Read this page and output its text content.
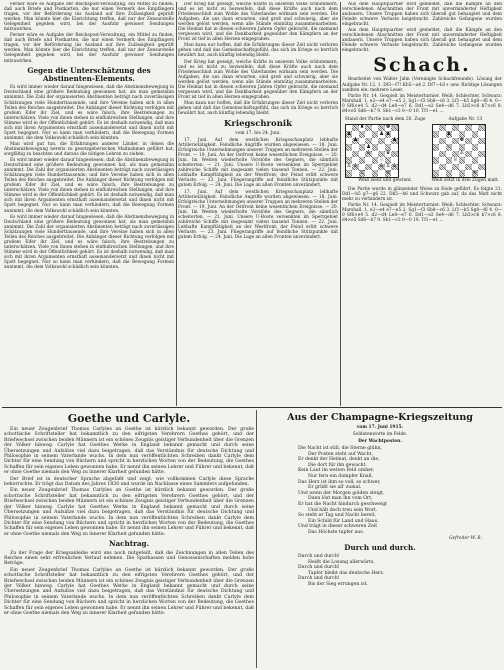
Ferner wäre es Aufgabe der Reichspost-Verwaltung, ein Mittel zu finden, daß auch Briefe und Postkarten, die nur einen Vermerk des Empfängers tragen, vor der Beförderung ins Ausland auf ihre Zulässigkeit geprüft werden. Man könnte hier die Einrichtung treffen, daß nur der Zensurstelle Gelegenheit gegeben wird, bei der Ausfuhr gewisser Sendungen mitzuwirken.

Ferner wäre es Aufgabe der Reichspost-Verwaltung, ein Mittel zu finden, daß auch Briefe und Postkarten, die nur einen Vermerk des Empfängers tragen, vor der Beförderung ins Ausland auf ihre Zulässigkeit geprüft werden. Man könnte hier die Einrichtung treffen, daß nur der Zensurstelle Gelegenheit gegeben wird, bei der Ausfuhr gewisser Sendungen mitzuwirken.

Gegen die Unterschätzung des Abstinenten-Elements.

Es wird immer wieder darauf hingewiesen, daß die Abstinenzbewegung in Deutschland eine größere Bedeutung gewonnen hat, als man gemeinhin annimmt. Die Zahl der organisierten Abstinenten beträgt nach zuverlässigen Schätzungen viele Hunderttausende, und ihre Vereine haben sich in allen Teilen des Reiches ausgebreitet. Die Anhänger dieser Richtung verfolgen mit großem Eifer ihr Ziel, und es wäre falsch, ihre Bestrebungen zu unterschätzen. Viele von ihnen stehen in einflußreichen Stellungen, und ihre Stimme wird in der Öffentlichkeit gehört. Es ist deshalb notwendig, daß man sich mit ihren Argumenten ernsthaft auseinandersetzt und ihnen nicht mit Spott begegnet. Nur so kann man verhindern, daß die Bewegung Formen annimmt, die dem Volkswohl schädlich sein könnten.

Man wird gut tun, die Erfahrungen anderer Länder, in denen die Abstinenzbewegung bereits zu gesetzgeberischen Maßnahmen geführt hat, sorgfältig zu beachten und daraus die nötigen Lehren zu ziehen.

Es wird immer wieder darauf hingewiesen, daß die Abstinenzbewegung in Deutschland eine größere Bedeutung gewonnen hat, als man gemeinhin annimmt. Die Zahl der organisierten Abstinenten beträgt nach zuverlässigen Schätzungen viele Hunderttausende, und ihre Vereine haben sich in allen Teilen des Reiches ausgebreitet. Die Anhänger dieser Richtung verfolgen mit großem Eifer ihr Ziel, und es wäre falsch, ihre Bestrebungen zu unterschätzen. Viele von ihnen stehen in einflußreichen Stellungen, und ihre Stimme wird in der Öffentlichkeit gehört. Es ist deshalb notwendig, daß man sich mit ihren Argumenten ernsthaft auseinandersetzt und ihnen nicht mit Spott begegnet. Nur so kann man verhindern, daß die Bewegung Formen annimmt, die dem Volkswohl schädlich sein könnten.

Es wird immer wieder darauf hingewiesen, daß die Abstinenzbewegung in Deutschland eine größere Bedeutung gewonnen hat, als man gemeinhin annimmt. Die Zahl der organisierten Abstinenten beträgt nach zuverlässigen Schätzungen viele Hunderttausende, und ihre Vereine haben sich in allen Teilen des Reiches ausgebreitet. Die Anhänger dieser Richtung verfolgen mit großem Eifer ihr Ziel, und es wäre falsch, ihre Bestrebungen zu unterschätzen. Viele von ihnen stehen in einflußreichen Stellungen, und ihre Stimme wird in der Öffentlichkeit gehört. Es ist deshalb notwendig, daß man sich mit ihren Argumenten ernsthaft auseinandersetzt und ihnen nicht mit Spott begegnet. Nur so kann man verhindern, daß die Bewegung Formen annimmt, die dem Volkswohl schädlich sein könnten.

Der Krieg hat gezeigt, welche Kräfte in unserem Volke schlummern, und es ist nicht zu bezweifeln, daß diese Kräfte auch nach dem Friedensschluß zum Wohle des Vaterlandes wirksam sein werden. Die Aufgaben, die uns dann erwarten, sind groß und schwierig, aber sie werden gelöst werden, wenn alle Stände einmütig zusammenarbeiten. Die Heimat hat in diesen schweren Jahren Opfer gebracht, die niemand vergessen wird, und die Dankbarkeit gegenüber den Kämpfern an der Front ist tief in allen Herzen eingegraben.

Man kann nur hoffen, daß die Erfahrungen dieser Zeit nicht verloren gehen und daß das Gemeinschaftsgefühl, das sich im Kriege so herrlich bewährt hat, auch künftig lebendig bleibt.

Der Krieg hat gezeigt, welche Kräfte in unserem Volke schlummern, und es ist nicht zu bezweifeln, daß diese Kräfte auch nach dem Friedensschluß zum Wohle des Vaterlandes wirksam sein werden. Die Aufgaben, die uns dann erwarten, sind groß und schwierig, aber sie werden gelöst werden, wenn alle Stände einmütig zusammenarbeiten. Die Heimat hat in diesen schweren Jahren Opfer gebracht, die niemand vergessen wird, und die Dankbarkeit gegenüber den Kämpfern an der Front ist tief in allen Herzen eingegraben.

Man kann nur hoffen, daß die Erfahrungen dieser Zeit nicht verloren gehen und daß das Gemeinschaftsgefühl, das sich im Kriege so herrlich bewährt hat, auch künftig lebendig bleibt.

Kriegschronik
vom 17. bis 24. Juni.

17. Juni. Auf dem westlichen Kriegsschauplatz lebhafte Artillerietätigkeit. Feindliche Angriffe wurden abgewiesen. — 18. Juni. Erfolgreiche Unternehmungen unserer Truppen an mehreren Stellen der Front. — 19. Juni. An der Ostfront keine wesentlichen Ereignisse. — 20. Juni. Im Westen wiederholte Vorstöße des Gegners, die sämtlich scheiterten. — 21. Juni. Unsere U-Boote versenkten im Sperrgebiet zahlreiche Schiffe mit insgesamt vielen tausend Tonnen. — 22. Juni. Lebhafte Kampftätigkeit an der Westfront; der Feind erlitt schwere Verluste. — 23. Juni. Fliegerangriffe auf feindliche Stützpunkte mit gutem Erfolg. — 24. Juni. Die Lage an allen Fronten unverändert.

17. Juni. Auf dem westlichen Kriegsschauplatz lebhafte Artillerietätigkeit. Feindliche Angriffe wurden abgewiesen. — 18. Juni. Erfolgreiche Unternehmungen unserer Truppen an mehreren Stellen der Front. — 19. Juni. An der Ostfront keine wesentlichen Ereignisse. — 20. Juni. Im Westen wiederholte Vorstöße des Gegners, die sämtlich scheiterten. — 21. Juni. Unsere U-Boote versenkten im Sperrgebiet zahlreiche Schiffe mit insgesamt vielen tausend Tonnen. — 22. Juni. Lebhafte Kampftätigkeit an der Westfront; der Feind erlitt schwere Verluste. — 23. Juni. Fliegerangriffe auf feindliche Stützpunkte mit gutem Erfolg. — 24. Juni. Die Lage an allen Fronten unverändert.

Aus dem Hauptquartier wird gemeldet, daß die Kämpfe an den verschiedenen Abschnitten der Front mit unverminderter Heftigkeit andauern. Unsere Truppen haben sich überall gut behauptet und dem Feinde schwere Verluste beigebracht. Zahlreiche Gefangene wurden eingebracht.

Aus dem Hauptquartier wird gemeldet, daß die Kämpfe an den verschiedenen Abschnitten der Front mit unverminderter Heftigkeit andauern. Unsere Truppen haben sich überall gut behauptet und dem Feinde schwere Verluste beigebracht. Zahlreiche Gefangene wurden eingebracht.

Schach.

Bearbeitet von Walter Jahn (Vereinigte Schachfreunde). Lösung der Aufgabe Nr. 12. 1. Df3—f7! Kb5—a4 2. Df7—b3+ usw. Richtige Lösungen sandten ein: mehrere Leser.

Partie Nr. 14. Gespielt im Meisterturnier. Weiß: Schlechter. Schwarz: Marshall. 1. e2—e4 e7—e5 2. Sg1—f3 Sb8—c6 3. Lf1—b5 Sg8—f6 4. 0—0 Sf6×e4 5. d2—d4 Le8—e7 6. Dd1—e2 Se4—d6 7. Lb5×c6 b7×c6 8. d4×e5 Sd6—b7 9. Sb1—c3 0—0 10. Tf1—e1 ...

Stand der Partie nach dem 20. Zuge
♜	♚
♟	♟ ♟
♟	♟
♟
♙	♛
♘
♙ ♙	♙ ♙ ♙
♖	♔
Weiß zieht und gewinnt.
Aufgabe Nr. 13
♟
♚
♘
♙
♕
♔
Weiß setzt in drei Zügen matt.

Die Partie wurde in glänzender Weise zu Ende geführt. Es folgte 21. Dd1—h5 g7—g6 22. Dh5—h6 und Schwarz gab auf, da das Matt nicht mehr zu verhindern ist.

Partie Nr. 14. Gespielt im Meisterturnier. Weiß: Schlechter. Schwarz: Marshall. 1. e2—e4 e7—e5 2. Sg1—f3 Sb8—c6 3. Lf1—b5 Sg8—f6 4. 0—0 Sf6×e4 5. d2—d4 Le8—e7 6. Dd1—e2 Se4—d6 7. Lb5×c6 b7×c6 8. d4×e5 Sd6—b7 9. Sb1—c3 0—0 10. Tf1—e1 ...

Goethe und Carlyle.

Ein neuer Zeugenbrief Thomas Carlyles an Goethe ist kürzlich bekannt geworden. Der große schottische Schriftsteller hat bekanntlich zu den eifrigsten Verehrern Goethes gehört, und der Briefwechsel zwischen beiden Männern ist ein schönes Zeugnis geistiger Verbundenheit über die Grenzen der Völker hinweg. Carlyle hat Goethes Werke in England bekannt gemacht und durch seine Übersetzungen und Aufsätze viel dazu beigetragen, daß das Verständnis für deutsche Dichtung und Philosophie in seinem Vaterlande wuchs. In dem nun veröffentlichten Schreiben dankt Carlyle dem Dichter für eine Sendung von Büchern und spricht in herzlichen Worten von der Bedeutung, die Goethes Schaffen für sein eigenes Leben gewonnen habe. Er nennt ihn seinen Lehrer und Führer und bekennt, daß er ohne Goethe niemals den Weg zu innerer Klarheit gefunden hätte.

Der Brief ist in deutscher Sprache abgefaßt und zeigt, wie vollkommen Carlyle diese Sprache beherrschte. Er trägt das Datum des Jahres 1830 und wurde im Nachlasse eines Sammlers aufgefunden.

Ein neuer Zeugenbrief Thomas Carlyles an Goethe ist kürzlich bekannt geworden. Der große schottische Schriftsteller hat bekanntlich zu den eifrigsten Verehrern Goethes gehört, und der Briefwechsel zwischen beiden Männern ist ein schönes Zeugnis geistiger Verbundenheit über die Grenzen der Völker hinweg. Carlyle hat Goethes Werke in England bekannt gemacht und durch seine Übersetzungen und Aufsätze viel dazu beigetragen, daß das Verständnis für deutsche Dichtung und Philosophie in seinem Vaterlande wuchs. In dem nun veröffentlichten Schreiben dankt Carlyle dem Dichter für eine Sendung von Büchern und spricht in herzlichen Worten von der Bedeutung, die Goethes Schaffen für sein eigenes Leben gewonnen habe. Er nennt ihn seinen Lehrer und Führer und bekennt, daß er ohne Goethe niemals den Weg zu innerer Klarheit gefunden hätte.

Nachtrag.

Zu der Frage der Kriegsanleihe wird uns noch mitgeteilt, daß die Zeichnungen in allen Teilen des Reiches einen sehr erfreulichen Verlauf nehmen. Die Sparkassen und Genossenschaften melden hohe Beträge.

Ein neuer Zeugenbrief Thomas Carlyles an Goethe ist kürzlich bekannt geworden. Der große schottische Schriftsteller hat bekanntlich zu den eifrigsten Verehrern Goethes gehört, und der Briefwechsel zwischen beiden Männern ist ein schönes Zeugnis geistiger Verbundenheit über die Grenzen der Völker hinweg. Carlyle hat Goethes Werke in England bekannt gemacht und durch seine Übersetzungen und Aufsätze viel dazu beigetragen, daß das Verständnis für deutsche Dichtung und Philosophie in seinem Vaterlande wuchs. In dem nun veröffentlichten Schreiben dankt Carlyle dem Dichter für eine Sendung von Büchern und spricht in herzlichen Worten von der Bedeutung, die Goethes Schaffen für sein eigenes Leben gewonnen habe. Er nennt ihn seinen Lehrer und Führer und bekennt, daß er ohne Goethe niemals den Weg zu innerer Klarheit gefunden hätte.

Aus der Champagne-Kriegszeitung
vom 17. Juni 1915.
Soldatenworte im Felde.
Der Wachtposten.
Die Nacht ist still, die Sterne glühn,
Der Posten steht auf Wacht,
Er denkt der Heimat, denkt an die,
Die dort für ihn gewacht.
Kein Laut im weiten Feld umher,
Nur fern ein dumpfer Knall,
Das Herz ist ihm so voll, so schwer,
Er grüßt sie all' zumal.
Und wenn der Morgen golden steigt,
Dann löst man ihn vom Ort,
Er hat die Nacht hindurch geschweigt
Und hält doch treu sein Wort.
So steht er Tag und Nacht bereit,
Ein Schild für Land und Haus,
Und trägt in dieser schweren Zeit
Das Höchste tapfer aus.
Gefreiter W. R.
Durch und durch.
Durch und durch!
Heißt die Losung allerwärts,
Durch und durch!
Tapfer bleibt das deutsche Herz.
Durch und durch!
Bis der Sieg errungen ist.
